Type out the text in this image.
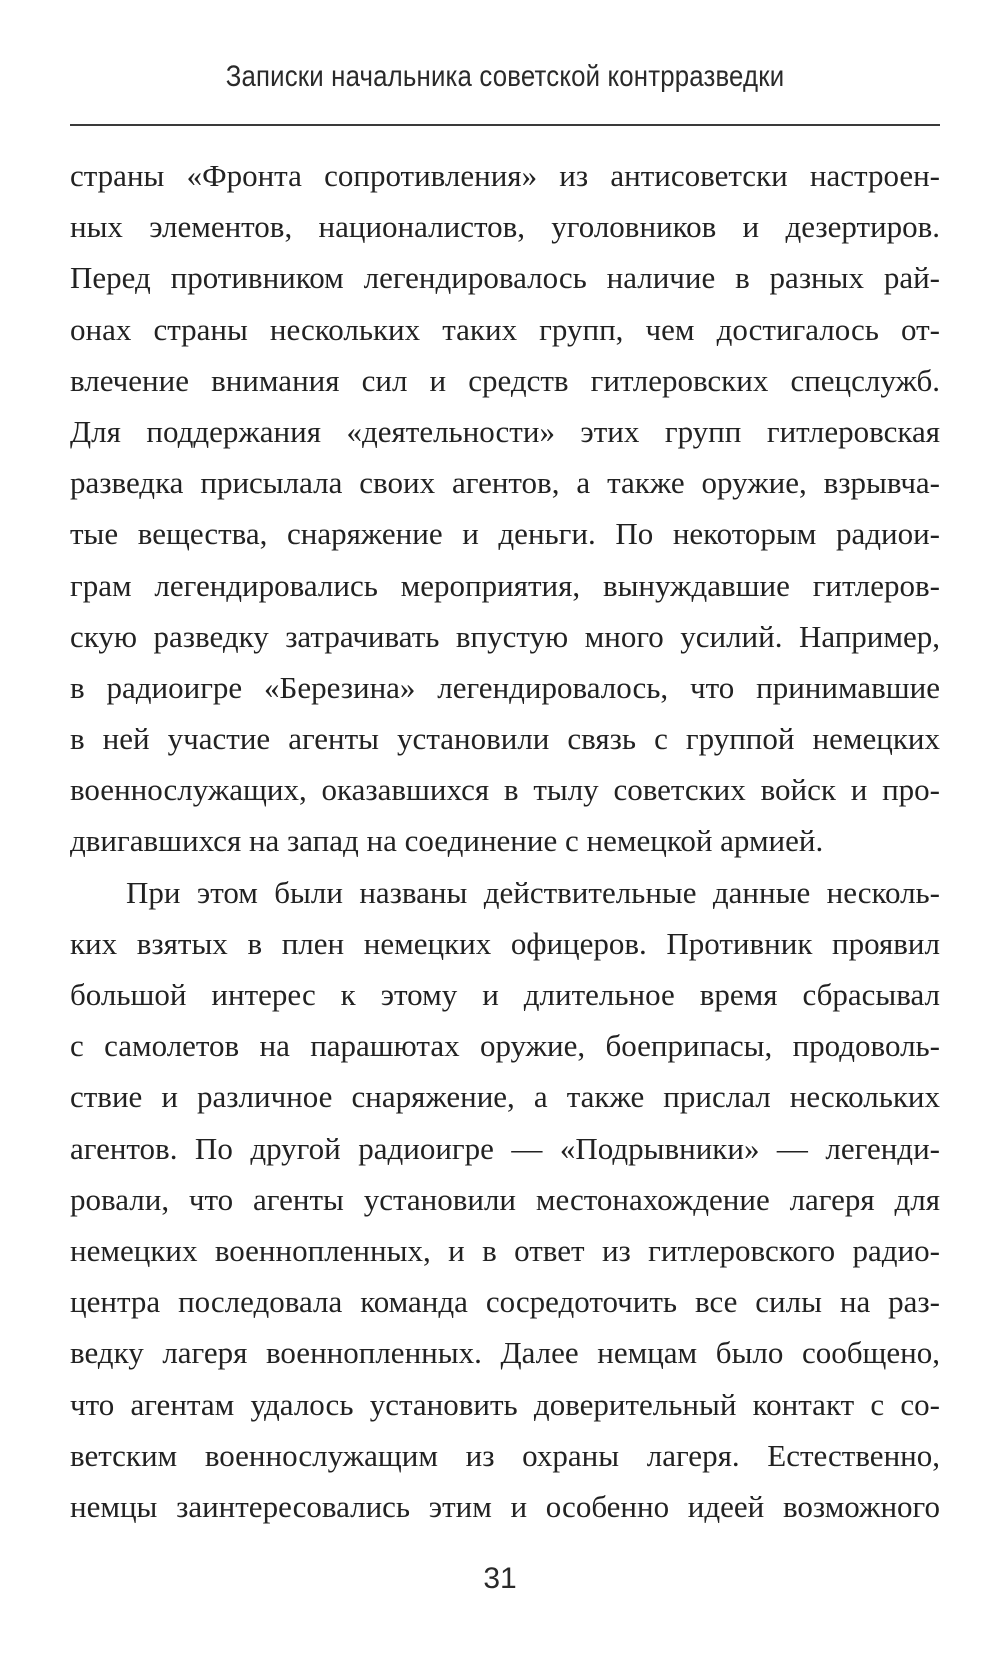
Записки начальника советской контрразведки
страны «Фронта сопротивления» из антисоветски настроен-
ных элементов, националистов, уголовников и дезертиров.
Перед противником легендировалось наличие в разных рай-
онах страны нескольких таких групп, чем достигалось от-
влечение внимания сил и средств гитлеровских спецслужб.
Для поддержания «деятельности» этих групп гитлеровская
разведка присылала своих агентов, а также оружие, взрывча-
тые вещества, снаряжение и деньги. По некоторым радиои-
грам легендировались мероприятия, вынуждавшие гитлеров-
скую разведку затрачивать впустую много усилий. Например,
в радиоигре «Березина» легендировалось, что принимавшие
в ней участие агенты установили связь с группой немецких
военнослужащих, оказавшихся в тылу советских войск и про-
двигавшихся на запад на соединение с немецкой армией.
При этом были названы действительные данные несколь-
ких взятых в плен немецких офицеров. Противник проявил
большой интерес к этому и длительное время сбрасывал
с самолетов на парашютах оружие, боеприпасы, продоволь-
ствие и различное снаряжение, а также прислал нескольких
агентов. По другой радиоигре — «Подрывники» — легенди-
ровали, что агенты установили местонахождение лагеря для
немецких военнопленных, и в ответ из гитлеровского радио-
центра последовала команда сосредоточить все силы на раз-
ведку лагеря военнопленных. Далее немцам было сообщено,
что агентам удалось установить доверительный контакт с со-
ветским военнослужащим из охраны лагеря. Естественно,
немцы заинтересовались этим и особенно идеей возможного
31
